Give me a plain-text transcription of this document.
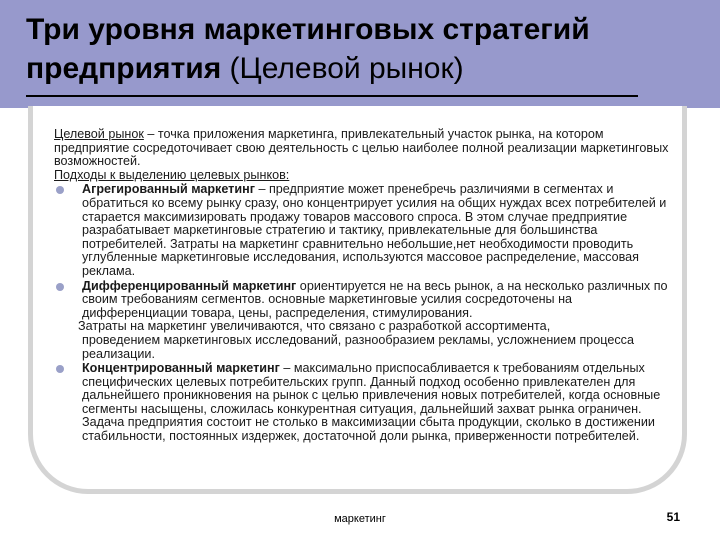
Три уровня маркетинговых стратегий предприятия (Целевой рынок)

Целевой рынок – точка приложения маркетинга, привлекательный участок рынка, на котором предприятие сосредоточивает свою деятельность с целью наиболее полной реализации маркетинговых возможностей.

Подходы к выделению целевых рынков:

Агрегированный маркетинг – предприятие может пренебречь различиями в сегментах и обратиться ко всему рынку сразу, оно концентрирует усилия на общих нуждах всех потребителей и старается максимизировать продажу товаров массового спроса. В этом случае предприятие разрабатывает маркетинговые стратегию и тактику, привлекательные для большинства потребителей. Затраты на маркетинг сравнительно небольшие,нет необходимости проводить углубленные маркетинговые исследования, используются массовое распределение, массовая реклама.
Дифференцированный маркетинг ориентируется не на весь рынок, а на несколько различных по своим требованиям сегментов. основные маркетинговые усилия сосредоточены на дифференциации товара, цены, распределения, стимулирования.

Затраты на маркетинг увеличиваются, что связано с разработкой ассортимента,

проведением маркетинговых исследований, разнообразием рекламы, усложнением процесса реализации.

Концентрированный маркетинг – максимально приспосабливается к требованиям отдельных специфических целевых потребительских групп. Данный подход особенно привлекателен для дальнейшего проникновения на рынок с целью привлечения новых потребителей, когда основные сегменты насыщены, сложилась конкурентная ситуация, дальнейший захват рынка ограничен. Задача предприятия состоит не столько в максимизации сбыта продукции, сколько в достижении стабильности, постоянных издержек, достаточной доли рынка, приверженности потребителей.
маркетинг	51
